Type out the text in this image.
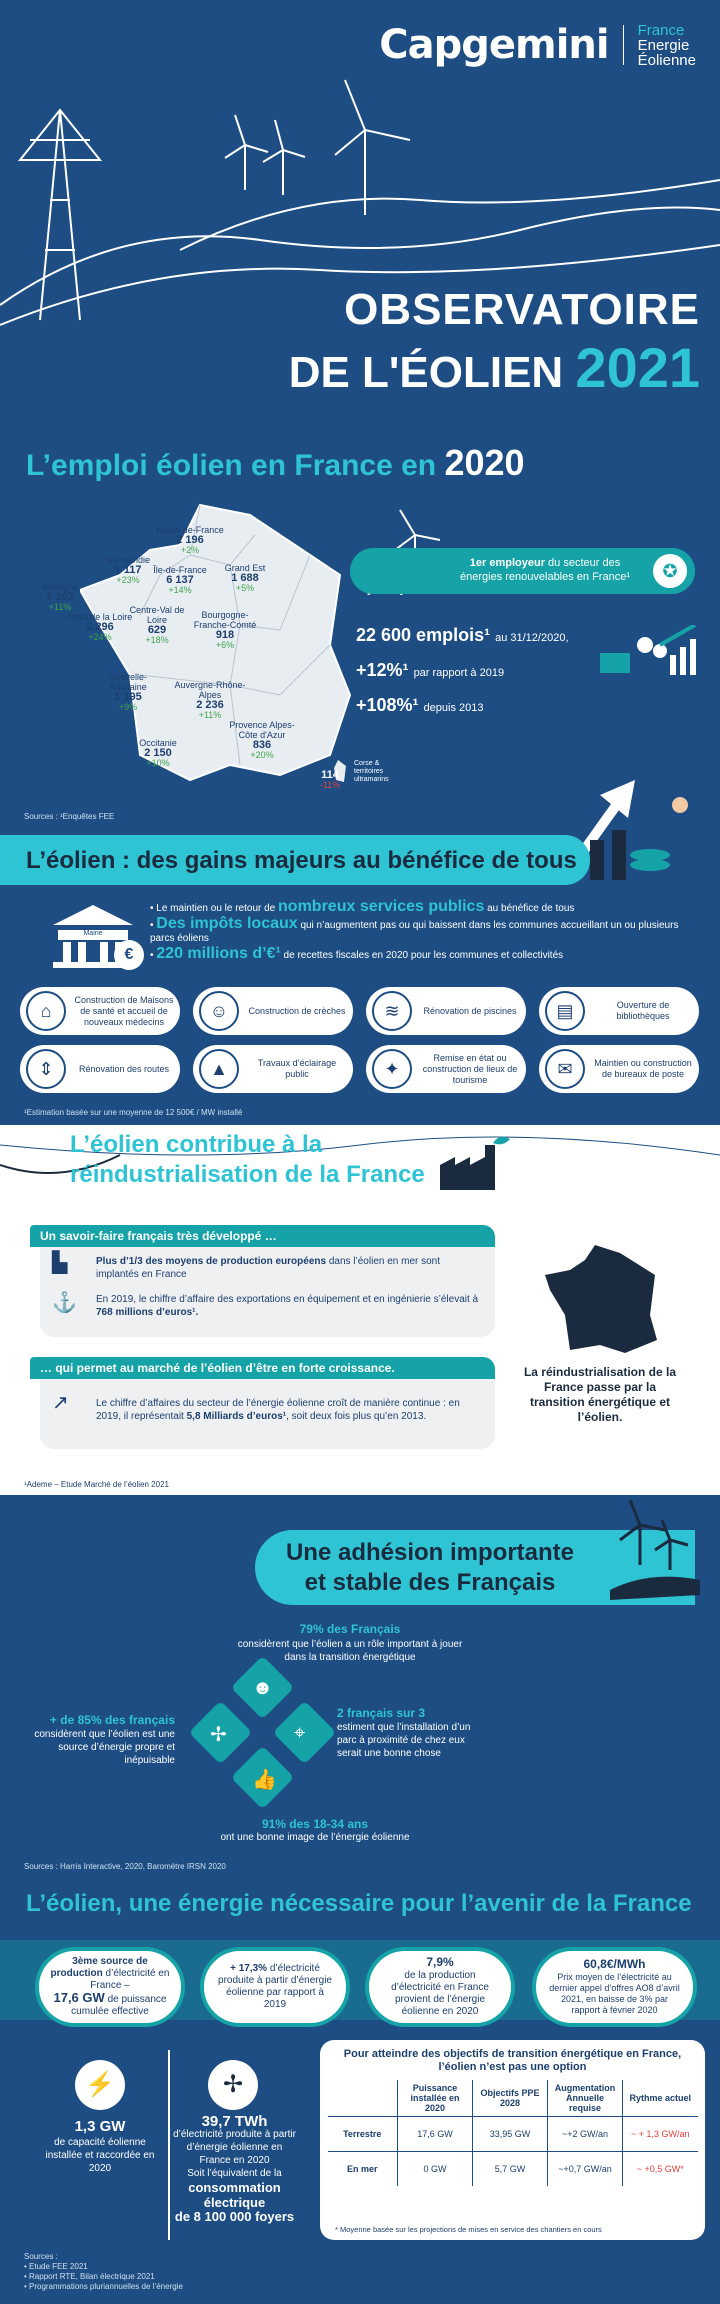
Capgemini France
Energie
Éolienne
OBSERVATOIRE
DE L'ÉOLIEN 2021
L’emploi éolien en France en 2020
Hauts-de-France
2 196
+2%
Normandie
1 117
+23%
Île-de-France
6 137
+14%
Grand Est
1 688
+5%
Bretagne
1 102
+11%
Pays de la Loire
2 296
+24%
Centre-Val de Loire
629
+18%
Bourgogne-Franche-Comté
918
+6%
Nouvelle-Aquitaine
1 195
+9%
Auvergne-Rhône-Alpes
2 236
+11%
Provence Alpes-Côte d'Azur
836
+20%
Occitanie
2 150
+10%
114
-11%
Corse & territoires ultramarins
1er employeur du secteur des énergies renouvelables en France¹	✪
22 600 emplois¹ au 31/12/2020,
+12%¹ par rapport à 2019
+108%¹ depuis 2013
Sources : ¹Enquêtes FEE
L’éolien : des gains majeurs au bénéfice de tous
Mairie
€
• Le maintien ou le retour de nombreux services publics au bénéfice de tous
• Des impôts locaux qui n’augmentent pas ou qui baissent dans les communes accueillant un ou plusieurs parcs éoliens
• 220 millions d’€¹ de recettes fiscales en 2020 pour les communes et collectivités
⌂
Construction de Maisons de santé et accueil de nouveaux médecins
☺	Construction de crèches	≋	Rénovation de piscines	▤	Ouverture de bibliothèques
⇕	Rénovation des routes	▲	Travaux d’éclairage public	✦
Remise en état ou construction de lieux de tourisme
✉	Maintien ou construction de bureaux de poste
¹Estimation basée sur une moyenne de 12 500€ / MW installé
L’éolien contribue à la
réindustrialisation de la France
Un savoir-faire français très développé …
▙	Plus d’1/3 des moyens de production européens dans l’éolien en mer sont implantés en France
⚓ En 2019, le chiffre d’affaire des exportations en équipement et en ingénierie s’élevait à 768 millions d’euros¹.
… qui permet au marché de l’éolien d’être en forte croissance.
↗	Le chiffre d’affaires du secteur de l’énergie éolienne croît de manière continue : en 2019, il représentait 5,8 Milliards d’euros¹, soit deux fois plus qu’en 2013.
La réindustrialisation de la France passe par la transition énergétique et l’éolien.
¹Ademe – Etude Marché de l’éolien 2021
Une adhésion importante
et stable des Français
79% des Français
considèrent que l’éolien a un rôle important à jouer dans la transition énergétique
+ de 85% des français
considèrent que l’éolien est une source d’énergie propre et inépuisable
2 français sur 3
estiment que l’installation d’un parc à proximité de chez eux serait une bonne chose
☻
✢	⌖
👍
91% des 18-34 ans
ont une bonne image de l’énergie éolienne
Sources : Harris Interactive, 2020, Baromètre IRSN 2020
L’éolien, une énergie nécessaire pour l’avenir de la France
3ème source de production d’électricité en France –
17,6 GW de puissance cumulée effective
+ 17,3% d’électricité produite à partir d’énergie éolienne par rapport à 2019
7,9%
de la production d’électricité en France provient de l’énergie éolienne en 2020
60,8€/MWh
Prix moyen de l’électricité au dernier appel d’offres AO8 d’avril 2021, en baisse de 3% par rapport à février 2020
⚡
1,3 GW
de capacité éolienne installée et raccordée en 2020
✢
39,7 TWh
d’électricité produite à partir d’énergie éolienne en France en 2020
Soit l’équivalent de la
consommation électrique
de 8 100 000 foyers
Pour atteindre des objectifs de transition énergétique en France,
l’éolien n’est pas une option
	Puissance installée en 2020	Objectifs PPE 2028	Augmentation Annuelle requise	Rythme actuel
Terrestre	17,6 GW	33,95 GW	~+2 GW/an	~ + 1,3 GW/an
En mer	0 GW	5,7 GW	~+0,7 GW/an	~ +0,5 GW*
* Moyenne basée sur les projections de mises en service des chantiers en cours
Sources :
• Etude FEE 2021
• Rapport RTE, Bilan électrique 2021
• Programmations pluriannuelles de l’énergie
